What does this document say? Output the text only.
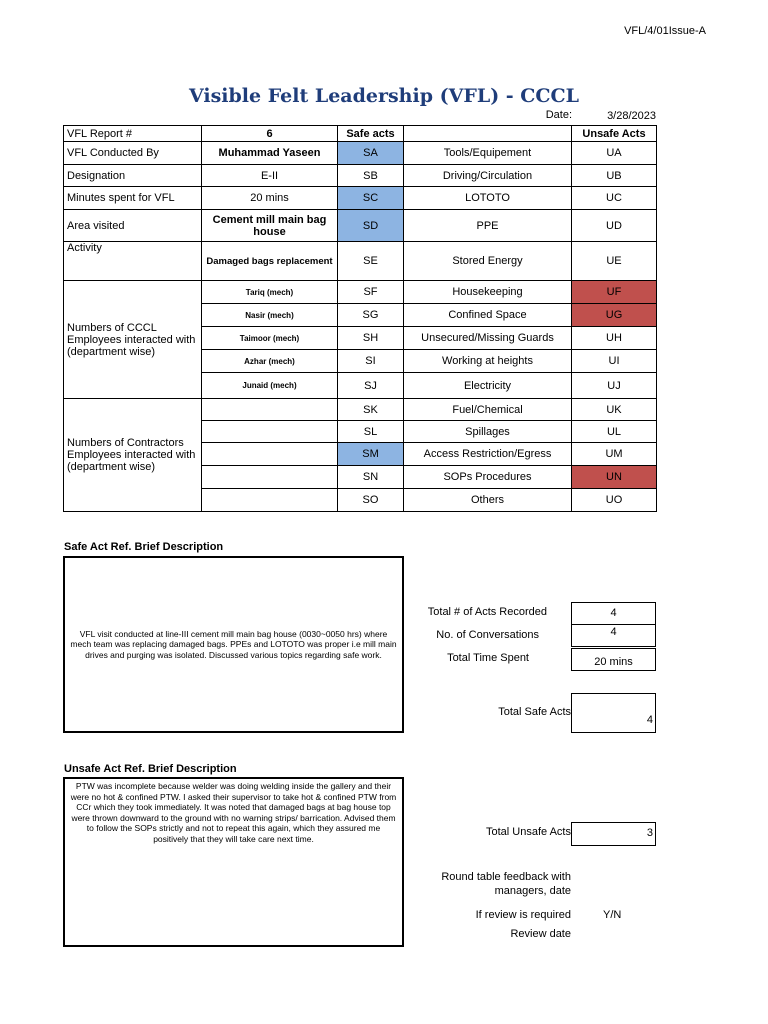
VFL/4/01Issue-A
Visible Felt Leadership (VFL) - CCCL
Date:	3/28/2023
VFL Report #	6	Safe acts		Unsafe Acts
VFL Conducted By	Muhammad Yaseen	SA	Tools/Equipement	UA
Designation	E-II	SB	Driving/Circulation	UB
Minutes spent for VFL	20 mins	SC	LOTOTO	UC
Area visited	Cement mill main bag house	SD	PPE	UD
Activity	Damaged bags replacement	SE	Stored Energy	UE
Numbers of CCCL Employees interacted with (department wise)	Tariq (mech)	SF	Housekeeping	UF
	Nasir (mech)	SG	Confined Space	UG
	Taimoor (mech)	SH	Unsecured/Missing Guards	UH
	Azhar (mech)	SI	Working at heights	UI
	Junaid (mech)	SJ	Electricity	UJ
Numbers of Contractors Employees interacted with (department wise)		SK	Fuel/Chemical	UK
		SL	Spillages	UL
		SM	Access Restriction/Egress	UM
		SN	SOPs Procedures	UN
		SO	Others	UO
Safe Act Ref. Brief Description
VFL visit conducted at line-III cement mill main bag house (0030~0050 hrs) where mech team was replacing damaged bags. PPEs and LOTOTO was proper i.e mill main drives and purging was isolated. Discussed various topics regarding safe work.
Unsafe Act Ref. Brief Description
PTW was incomplete because welder was doing welding inside the gallery and their were no hot & confined PTW. I asked their supervisor to take hot & confined PTW from CCr which they took immediately. It was noted that damaged bags at bag house top were thrown downward to the ground with no warning strips/ barrication. Advised them to follow the SOPs strictly and not to repeat this again, which they assured me positively that they will take care next time.
Total # of Acts Recorded	4
No. of Conversations	4
Total Time Spent	20 mins
Total Safe Acts
4
Total Unsafe Acts	3
Round table feedback with managers, date
If review is required	Y/N
Review date
